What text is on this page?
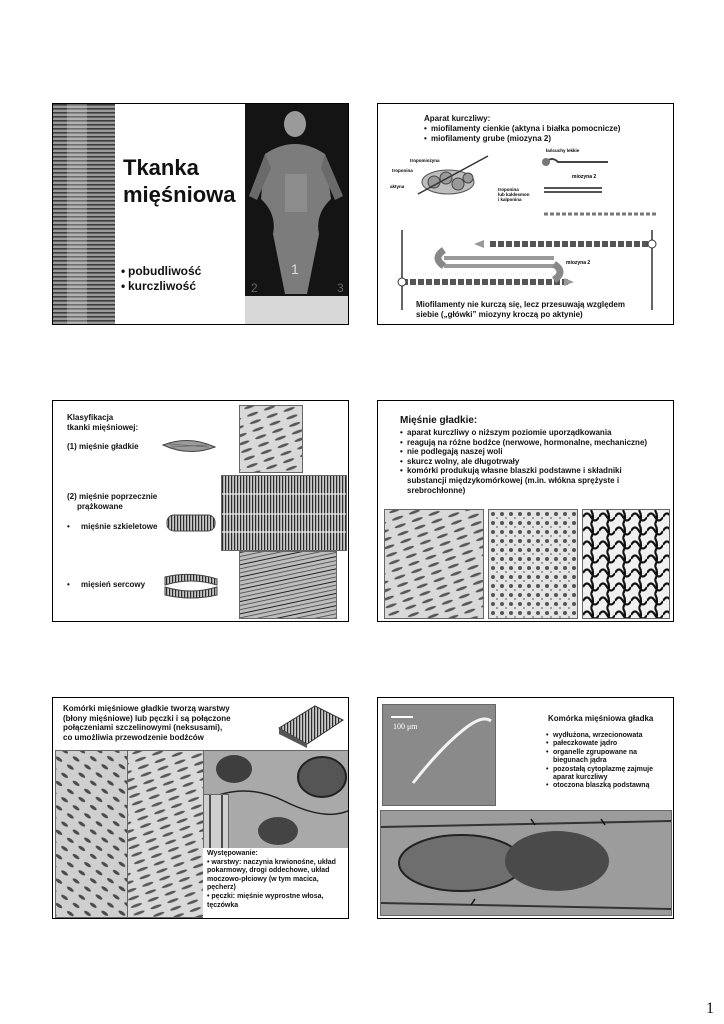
Tkanka
mięśniowa
• pobudliwość
• kurczliwość	2
1
3
Aparat kurczliwy:
• miofilamenty cienkie (aktyna i białka pomocnicze)
• miofilamenty grube (miozyna 2)
tropomiozyna
troponina
aktyna
troponina
lub kaldesmon
i kalponina
łańcuchy lekkie
miozyna 2
miozyna 2
Miofilamenty nie kurczą się, lecz przesuwają względem
siebie („główki” miozyny kroczą po aktynie)
Klasyfikacja
tkanki mięśniowej:
(1) mięśnie gładkie
(2) mięśnie poprzecznie
prążkowane
• mięśnie szkieletowe
• mięsień sercowy
Mięśnie gładkie:
• aparat kurczliwy o niższym poziomie uporządkowania
• reagują na różne bodźce (nerwowe, hormonalne, mechaniczne)
• nie podlegają naszej woli
• skurcz wolny, ale długotrwały
• komórki produkują własne blaszki podstawne i składniki substancji międzykomórkowej (m.in. włókna sprężyste i srebrochłonne)
Komórki mięśniowe gładkie tworzą warstwy
(błony mięśniowe) lub pęczki i są połączone
połączeniami szczelinowymi (neksusami),
co umożliwia przewodzenie bodźców
Występowanie:
• warstwy: naczynia krwionośne, układ
pokarmowy, drogi oddechowe, układ
moczowo-płciowy (w tym macica,
pęcherz)
• pęczki: mięśnie wyprostne włosa,
tęczówka
100 μm
Komórka mięśniowa gładka
• wydłużona, wrzecionowata
• pałeczkowate jądro
• organelle zgrupowane na biegunach jądra
• pozostałą cytoplazmę zajmuje aparat kurczliwy
• otoczona blaszką podstawną
1
